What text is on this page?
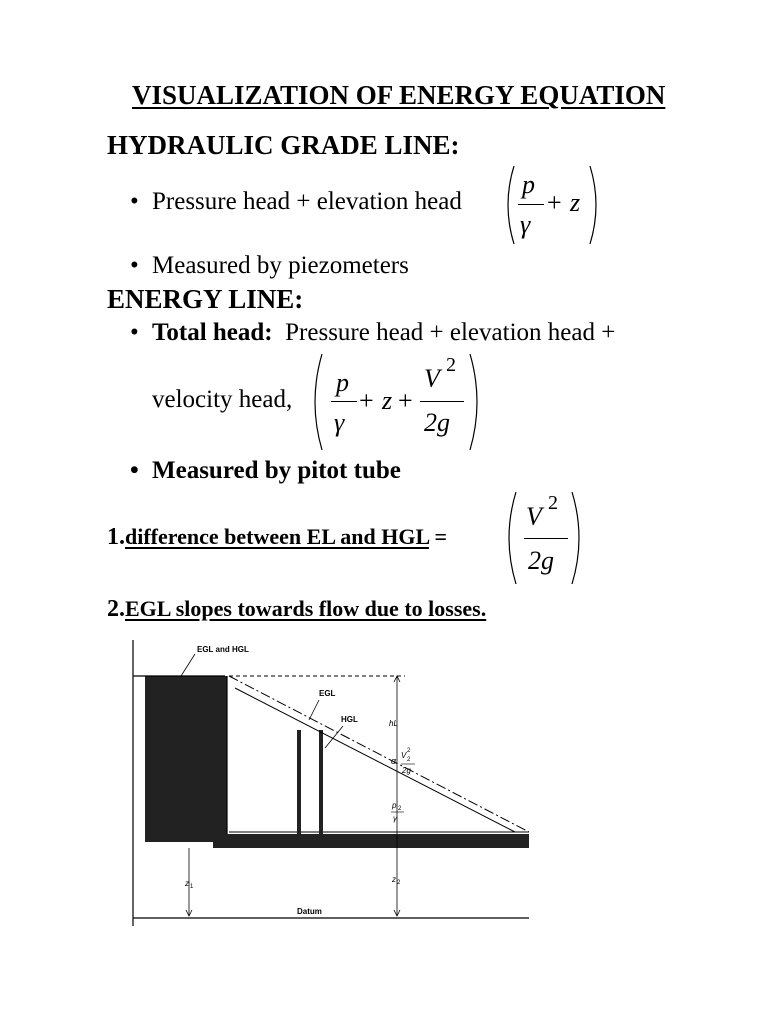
VISUALIZATION OF ENERGY EQUATION
HYDRAULIC GRADE LINE:
• Pressure head + elevation head
p
γ
+ z
• Measured by piezometers
ENERGY LINE:
• Total head: Pressure head + elevation head +
velocity head,
p
γ
+ z +
V 2
2g
• Measured by pitot tube
1.difference between EL and HGL =
V 2
2g
2.EGL slopes towards flow due to losses.
EGL and HGL
EGL
HGL	hL
α
V 2
2
2g
p 2
γ
z 1
z 2
Datum
